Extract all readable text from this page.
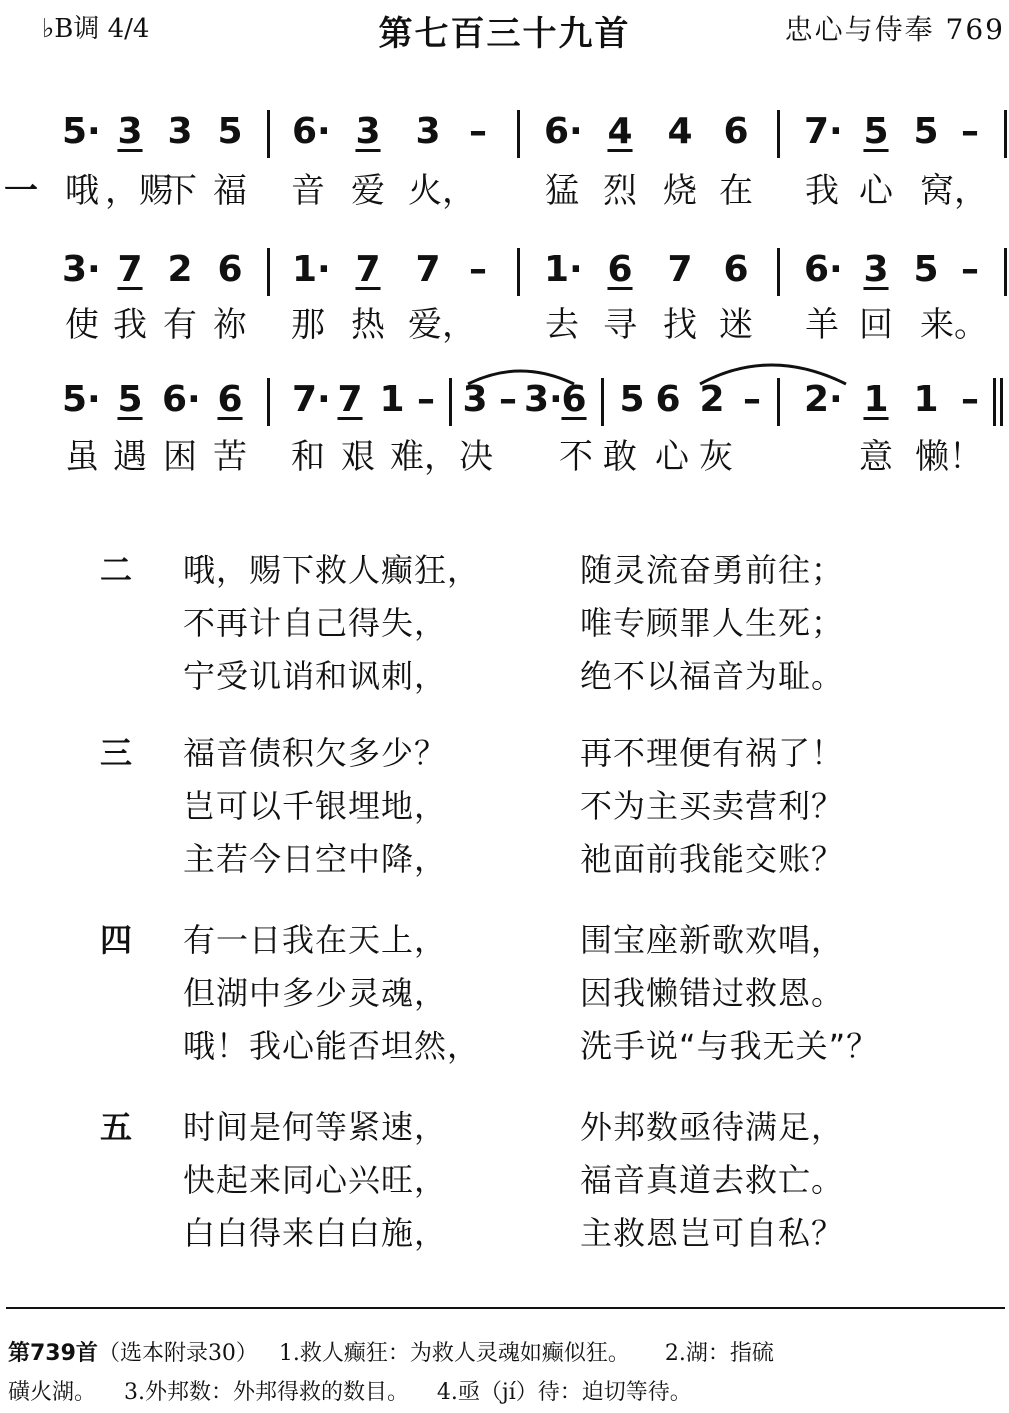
♭B调 4/4	第七百三十九首	忠心与侍奉 769
5· 3 3 5 6· 3 3 – 6· 4 4 6 7· 5 5 –
一 哦 ，赐
下 福 音 爱 火， 猛 烈 烧 在 我 心 窝，
3· 7 2 6 1· 7 7 – 1· 6 7 6 6· 3 5 –
使 我 有 祢 那 热 爱， 去 寻 找 迷 羊 回 来。
5· 5 6· 6 7· 7 1 – 3 – 3·
6 5 6 2 – 2· 1 1 –
虽 遇 困 苦 和 艰 难， 决 不 敢 心 灰	意 懒！
二 哦，赐下救人癫狂，	随灵流奋勇前往；
不再计自己得失，	唯专顾罪人生死；
宁受讥诮和讽刺，	绝不以福音为耻。
三 福音债积欠多少？	再不理便有祸了！
岂可以千银埋地，	不为主买卖营利？
主若今日空中降，	祂面前我能交账？
四 有一日我在天上，	围宝座新歌欢唱，
但湖中多少灵魂，	因我懒错过救恩。
哦！我心能否坦然，	洗手说“与我无关”？
五 时间是何等紧速，	外邦数亟待满足，
快起来同心兴旺，	福音真道去救亡。
白白得来白白施，	主救恩岂可自私？
第739首（选本附录30）   1.救人癫狂：为救人灵魂如癫似狂。     2.湖：指硫
磺火湖。    3.外邦数：外邦得救的数目。    4.亟（jí）待：迫切等待。
